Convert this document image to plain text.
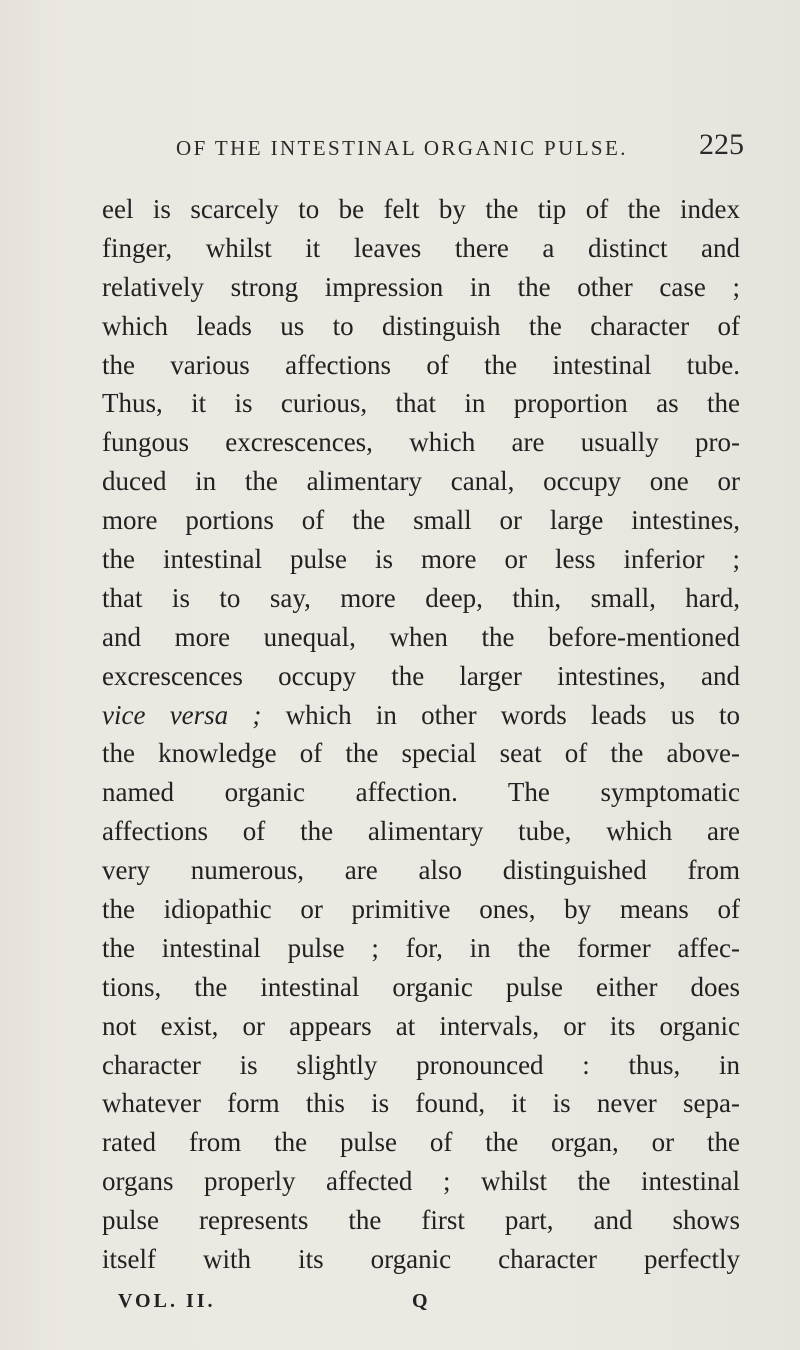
OF THE INTESTINAL ORGANIC PULSE. 225
eel is scarcely to be felt by the tip of the index
finger, whilst it leaves there a distinct and
relatively strong impression in the other case ;
which leads us to distinguish the character of
the various affections of the intestinal tube.
Thus, it is curious, that in proportion as the
fungous excrescences, which are usually pro-
duced in the alimentary canal, occupy one or
more portions of the small or large intestines,
the intestinal pulse is more or less inferior ;
that is to say, more deep, thin, small, hard,
and more unequal, when the before-mentioned
excrescences occupy the larger intestines, and
vice versa ; which in other words leads us to
the knowledge of the special seat of the above-
named organic affection. The symptomatic
affections of the alimentary tube, which are
very numerous, are also distinguished from
the idiopathic or primitive ones, by means of
the intestinal pulse ; for, in the former affec-
tions, the intestinal organic pulse either does
not exist, or appears at intervals, or its organic
character is slightly pronounced : thus, in
whatever form this is found, it is never sepa-
rated from the pulse of the organ, or the
organs properly affected ; whilst the intestinal
pulse represents the first part, and shows
itself with its organic character perfectly
VOL. II.	Q
